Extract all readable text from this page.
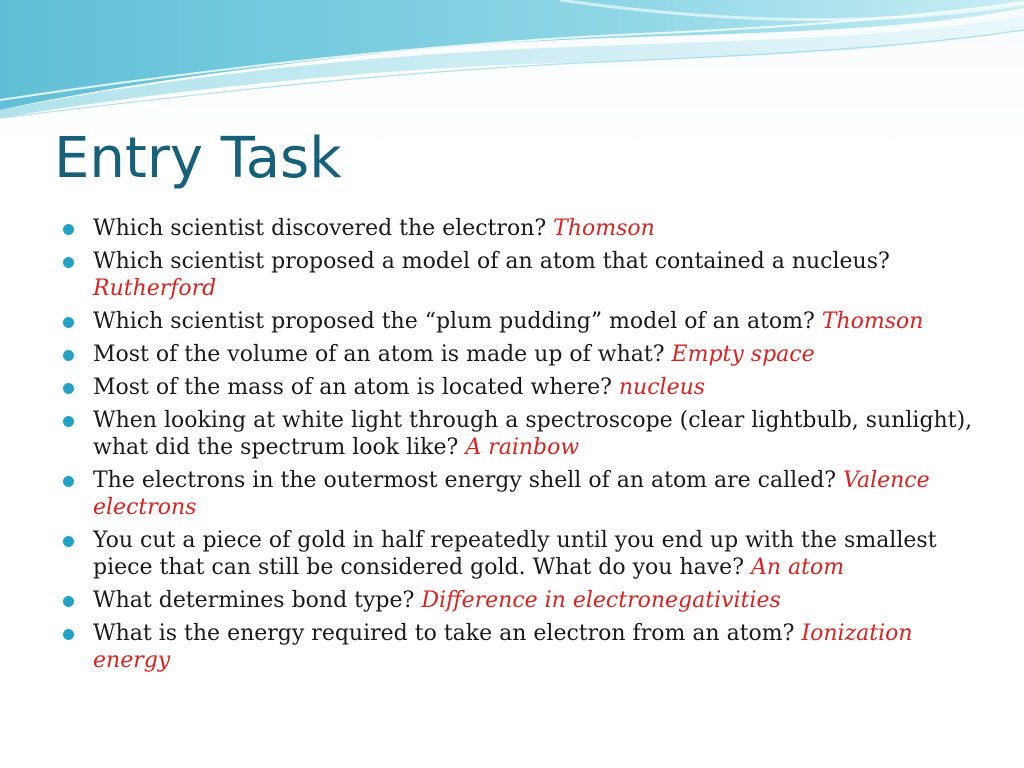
Entry Task
Which scientist discovered the electron? Thomson
Which scientist proposed a model of an atom that contained a nucleus? Rutherford
Which scientist proposed the “plum pudding” model of an atom? Thomson
Most of the volume of an atom is made up of what? Empty space
Most of the mass of an atom is located where? nucleus
When looking at white light through a spectroscope (clear lightbulb, sunlight), what did the spectrum look like? A rainbow
The electrons in the outermost energy shell of an atom are called? Valence electrons
You cut a piece of gold in half repeatedly until you end up with the smallest piece that can still be considered gold. What do you have? An atom
What determines bond type? Difference in electronegativities
What is the energy required to take an electron from an atom? Ionization energy
